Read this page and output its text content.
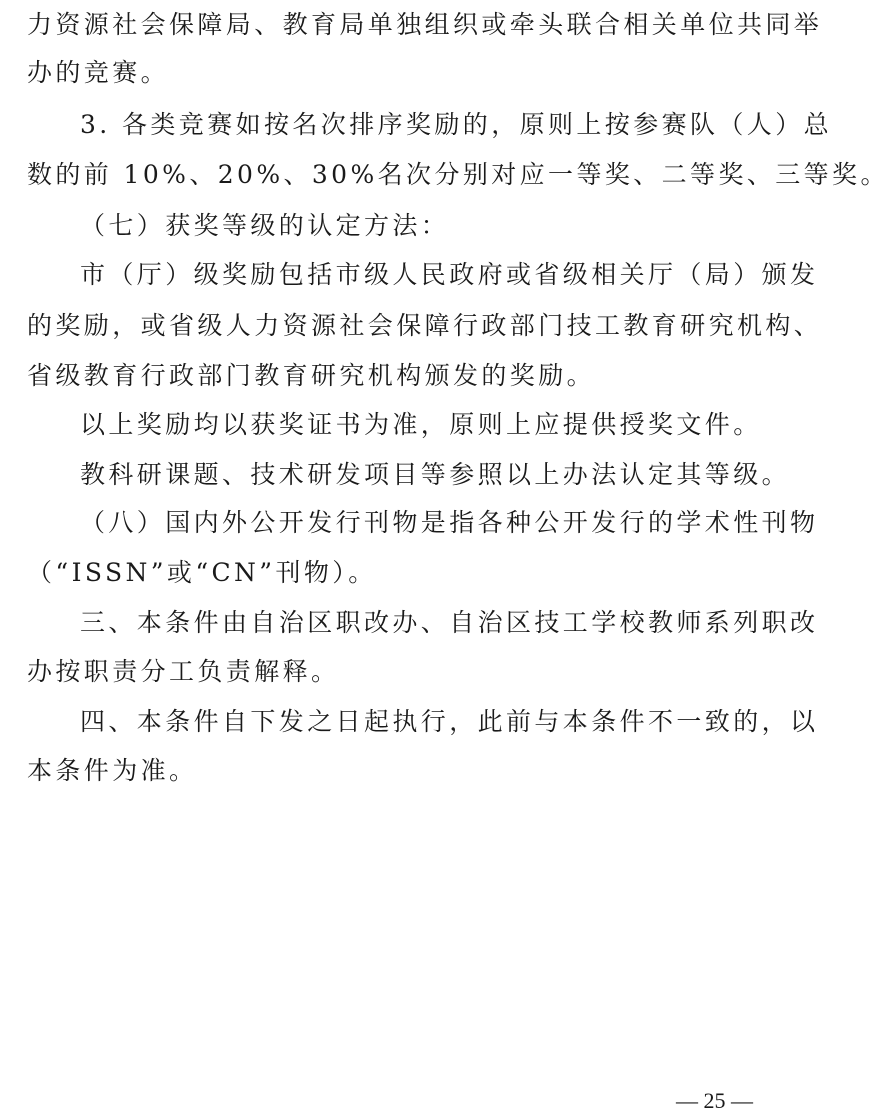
力资源社会保障局、教育局单独组织或牵头联合相关单位共同举
办的竞赛。
3. 各类竞赛如按名次排序奖励的，原则上按参赛队（人）总
数的前 10%、20%、30%名次分别对应一等奖、二等奖、三等奖。
（七）获奖等级的认定方法：
市（厅）级奖励包括市级人民政府或省级相关厅（局）颁发
的奖励，或省级人力资源社会保障行政部门技工教育研究机构、
省级教育行政部门教育研究机构颁发的奖励。
以上奖励均以获奖证书为准，原则上应提供授奖文件。
教科研课题、技术研发项目等参照以上办法认定其等级。
（八）国内外公开发行刊物是指各种公开发行的学术性刊物
（“ISSN”或“CN”刊物）。
三、本条件由自治区职改办、自治区技工学校教师系列职改
办按职责分工负责解释。
四、本条件自下发之日起执行，此前与本条件不一致的，以
本条件为准。
— 25 —
